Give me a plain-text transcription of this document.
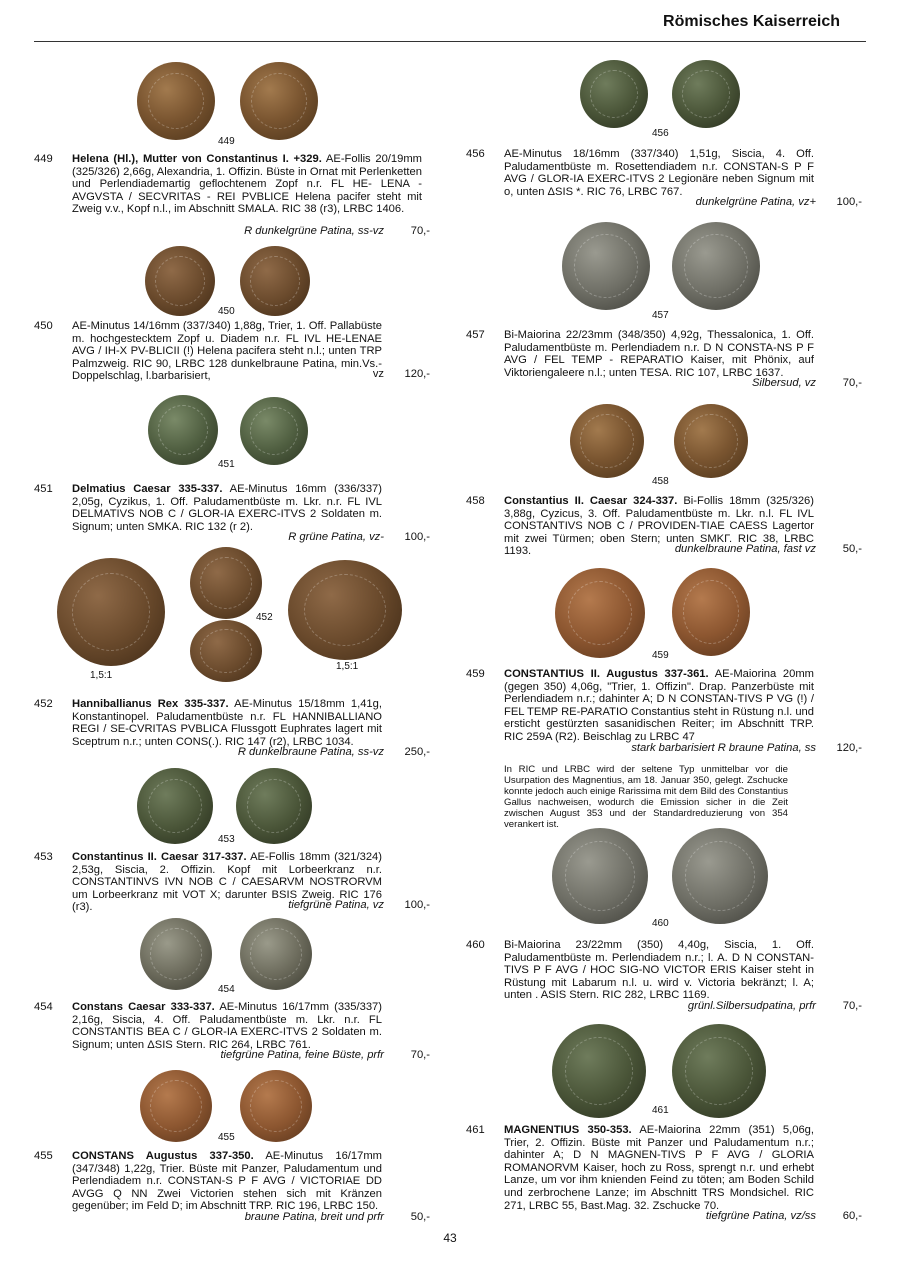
Römisches Kaiserreich
449
450
451
452
1,5:1
1,5:1
453
454
455
456
457
458
459
460
461
449 Helena (Hl.), Mutter von Constantinus I. +329. AE-Follis 20/19mm (325/326) 2,66g, Alexandria, 1. Offizin. Büste in Ornat mit Perlenketten und Perlendiademartig geflochtenem Zopf n.r. FL HE- LENA - AVGVSTA / SECVRITAS - REI PVBLICE Helena pacifer steht mit Zweig v.v., Kopf n.l., im Abschnitt SMALA. RIC 38 (r3), LRBC 1406.
R dunkelgrüne Patina, ss-vz	70,-
450 AE-Minutus 14/16mm (337/340) 1,88g, Trier, 1. Off. Pallabüste m. hochgestecktem Zopf u. Diadem n.r. FL IVL HE-LENAE AVG / IH-X PV-BLICII (!) Helena pacifera steht n.l.; unten TRP Palmzweig. RIC 90, LRBC 128 dunkelbraune Patina, min.Vs.-Doppelschlag, l.barbarisiert,	vz	120,-
451 Delmatius Caesar 335-337. AE-Minutus 16mm (336/337) 2,05g, Cyzikus, 1. Off. Paludamentbüste m. Lkr. n.r. FL IVL DELMATIVS NOB C / GLOR-IA EXERC-ITVS 2 Soldaten m. Signum; unten SMKA. RIC 132 (r 2).
R grüne Patina, vz-	100,-
452 Hanniballianus Rex 335-337. AE-Minutus 15/18mm 1,41g, Konstantinopel. Paludamentbüste n.r. FL HANNIBALLIANO REGI / SE-CVRITAS PVBLICA Flussgott Euphrates lagert mit Sceptrum n.r.; unten CONS(.). RIC 147 (r2), LRBC 1034.
R dunkelbraune Patina, ss-vz	250,-
453 Constantinus II. Caesar 317-337. AE-Follis 18mm (321/324) 2,53g, Siscia, 2. Offizin. Kopf mit Lorbeerkranz n.r. CONSTANTINVS IVN NOB C / CAESARVM NOSTRORVM um Lorbeerkranz mit VOT X; darunter BSIS Zweig. RIC 176 (r3).	tiefgrüne Patina, vz	100,-
454 Constans Caesar 333-337. AE-Minutus 16/17mm (335/337) 2,16g, Siscia, 4. Off. Paludamentbüste m. Lkr. n.r. FL CONSTANTIS BEA C / GLOR-IA EXERC-ITVS 2 Soldaten m. Signum; unten ΔSIS Stern. RIC 264, LRBC 761.
tiefgrüne Patina, feine Büste, prfr	70,-
455 CONSTANS Augustus 337-350. AE-Minutus 16/17mm (347/348) 1,22g, Trier. Büste mit Panzer, Paludamentum und Perlendiadem n.r. CONSTAN-S P F AVG / VICTORIAE DD AVGG Q NN Zwei Victorien stehen sich mit Kränzen gegenüber; im Feld D; im Abschnitt TRP. RIC 196, LRBC 150.
braune Patina, breit und prfr	50,-
456 AE-Minutus 18/16mm (337/340) 1,51g, Siscia, 4. Off. Paludamentbüste m. Rosettendiadem n.r. CONSTAN-S P F AVG / GLOR-IA EXERC-ITVS 2 Legionäre neben Signum mit o, unten ΔSIS *. RIC 76, LRBC 767.
dunkelgrüne Patina, vz+	100,-
457 Bi-Maiorina 22/23mm (348/350) 4,92g, Thessalonica, 1. Off. Paludamentbüste m. Perlendiadem n.r. D N CONSTA-NS P F AVG / FEL TEMP - REPARATIO Kaiser, mit Phönix, auf Viktoriengaleere n.l.; unten TESA. RIC 107, LRBC 1637.
Silbersud, vz	70,-
458 Constantius II. Caesar 324-337. Bi-Follis 18mm (325/326) 3,88g, Cyzicus, 3. Off. Paludamentbüste m. Lkr. n.l. FL IVL CONSTANTIVS NOB C / PROVIDEN-TIAE CAESS Lagertor mit zwei Türmen; oben Stern; unten SMKΓ. RIC 38, LRBC 1193.	dunkelbraune Patina, fast vz	50,-
459 CONSTANTIUS II. Augustus 337-361. AE-Maiorina 20mm (gegen 350) 4,06g, "Trier, 1. Offizin". Drap. Panzerbüste mit Perlendiadem n.r.; dahinter A; D N CONSTAN-TIVS P VG (!) / FEL TEMP RE-PARATIO Constantius steht in Rüstung n.l. und ersticht gestürzten sasanidischen Reiter; im Abschnitt TRP. RIC 259A (R2). Beischlag zu LRBC 47
stark barbarisiert R braune Patina, ss	120,-
In RIC und LRBC wird der seltene Typ unmittelbar vor die Usurpation des Magnentius, am 18. Januar 350, gelegt. Zschucke konnte jedoch auch einige Rarissima mit dem Bild des Constantius Gallus nachweisen, wodurch die Emission sicher in die Zeit zwischen August 353 und der Standardreduzierung von 354 verankert ist.
460 Bi-Maiorina 23/22mm (350) 4,40g, Siscia, 1. Off. Paludamentbüste m. Perlendiadem n.r.; l. A. D N CONSTAN-TIVS P F AVG / HOC SIG-NO VICTOR ERIS Kaiser steht in Rüstung mit Labarum n.l. u. wird v. Victoria bekränzt; l. A; unten . ASIS Stern. RIC 282, LRBC 1169.
grünl.Silbersudpatina, prfr	70,-
461 MAGNENTIUS 350-353. AE-Maiorina 22mm (351) 5,06g, Trier, 2. Offizin. Büste mit Panzer und Paludamentum n.r.; dahinter A; D N MAGNEN-TIVS P F AVG / GLORIA ROMANORVM Kaiser, hoch zu Ross, sprengt n.r. und erhebt Lanze, um vor ihm knienden Feind zu töten; am Boden Schild und zerbrochene Lanze; im Abschnitt TRS Mondsichel. RIC 271, LRBC 55, Bast.Mag. 32. Zschucke 70.
tiefgrüne Patina, vz/ss	60,-
43
